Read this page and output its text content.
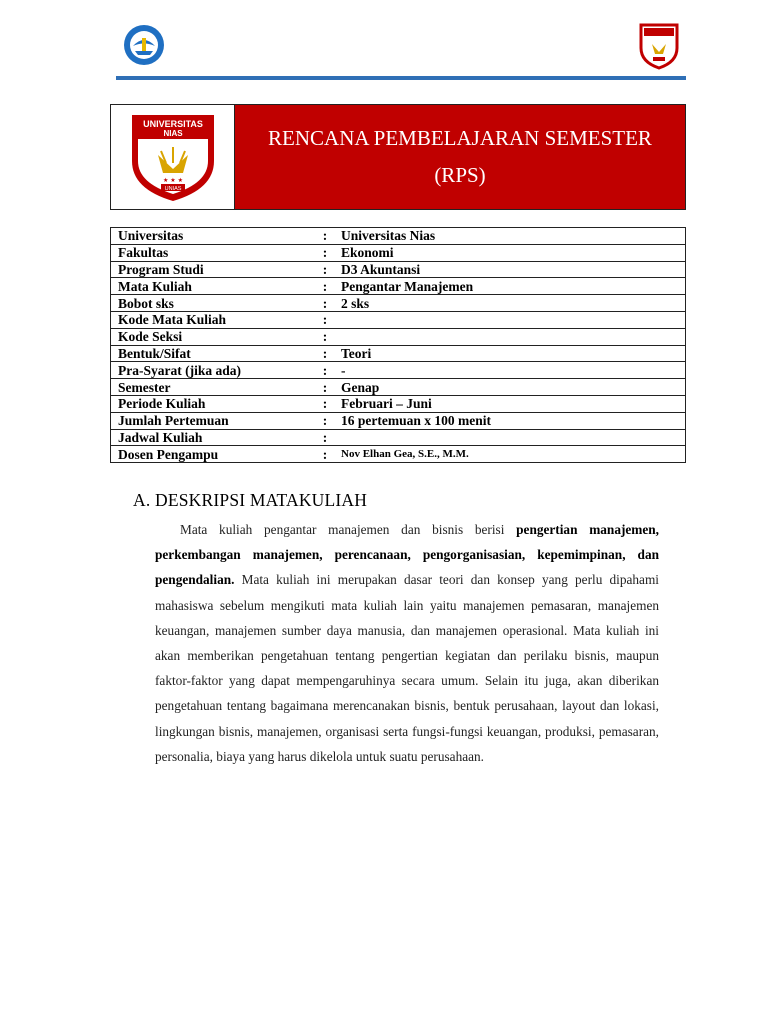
UNIVERSITAS
NIAS
★ ★ ★
UNIAS
RENCANA PEMBELAJARAN SEMESTER
(RPS)
Universitas	:	Universitas Nias
Fakultas	:	Ekonomi
Program Studi	:	D3 Akuntansi
Mata Kuliah	:	Pengantar Manajemen
Bobot sks	:	2 sks
Kode Mata Kuliah	:	
Kode Seksi	:	
Bentuk/Sifat	:	Teori
Pra-Syarat (jika ada)	:	-
Semester	:	Genap
Periode Kuliah	:	Februari – Juni
Jumlah Pertemuan	:	16 pertemuan x 100 menit
Jadwal Kuliah	:	
Dosen Pengampu	:	Nov Elhan Gea, S.E., M.M.
A. DESKRIPSI MATAKULIAH
Mata kuliah pengantar manajemen dan bisnis berisi pengertian manajemen, perkembangan manajemen, perencanaan, pengorganisasian, kepemimpinan, dan pengendalian. Mata kuliah ini merupakan dasar teori dan konsep yang perlu dipahami mahasiswa sebelum mengikuti mata kuliah lain yaitu manajemen pemasaran, manajemen keuangan, manajemen sumber daya manusia, dan manajemen operasional. Mata kuliah ini akan memberikan pengetahuan tentang pengertian kegiatan dan perilaku bisnis, maupun faktor-faktor yang dapat mempengaruhinya secara umum. Selain itu juga, akan diberikan pengetahuan tentang bagaimana merencanakan bisnis, bentuk perusahaan, layout dan lokasi, lingkungan bisnis, manajemen, organisasi serta fungsi-fungsi keuangan, produksi, pemasaran, personalia, biaya yang harus dikelola untuk suatu perusahaan.
